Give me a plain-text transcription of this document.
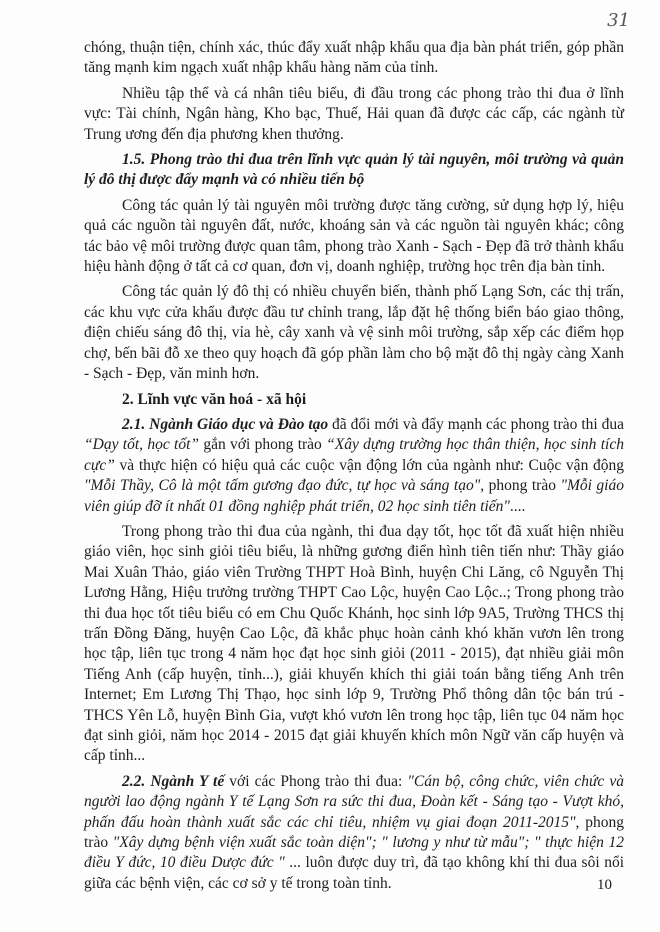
31

chóng, thuận tiện, chính xác, thúc đẩy xuất nhập khẩu qua địa bàn phát triển, góp phần tăng mạnh kim ngạch xuất nhập khẩu hàng năm của tỉnh.

Nhiều tập thể và cá nhân tiêu biểu, đi đầu trong các phong trào thi đua ở lĩnh vực: Tài chính, Ngân hàng, Kho bạc, Thuế, Hải quan đã được các cấp, các ngành từ Trung ương đến địa phương khen thưởng.

1.5. Phong trào thi đua trên lĩnh vực quản lý tài nguyên, môi trường và quản lý đô thị được đẩy mạnh và có nhiều tiến bộ

Công tác quản lý tài nguyên môi trường được tăng cường, sử dụng hợp lý, hiệu quả các nguồn tài nguyên đất, nước, khoáng sản và các nguồn tài nguyên khác; công tác bảo vệ môi trường được quan tâm, phong trào Xanh - Sạch - Đẹp đã trở thành khẩu hiệu hành động ở tất cả cơ quan, đơn vị, doanh nghiệp, trường học trên địa bàn tỉnh.

Công tác quản lý đô thị có nhiều chuyển biến, thành phố Lạng Sơn, các thị trấn, các khu vực cửa khẩu được đầu tư chỉnh trang, lắp đặt hệ thống biển báo giao thông, điện chiếu sáng đô thị, vỉa hè, cây xanh và vệ sinh môi trường, sắp xếp các điểm họp chợ, bến bãi đỗ xe theo quy hoạch đã góp phần làm cho bộ mặt đô thị ngày càng Xanh - Sạch - Đẹp, văn minh hơn.

2. Lĩnh vực văn hoá - xã hội

2.1. Ngành Giáo dục và Đào tạo đã đổi mới và đẩy mạnh các phong trào thi đua “Dạy tốt, học tốt” gắn với phong trào “Xây dựng trường học thân thiện, học sinh tích cực” và thực hiện có hiệu quả các cuộc vận động lớn của ngành như: Cuộc vận động "Mỗi Thầy, Cô là một tấm gương đạo đức, tự học và sáng tạo", phong trào "Mỗi giáo viên giúp đỡ ít nhất 01 đồng nghiệp phát triển, 02 học sinh tiên tiến"....

Trong phong trào thi đua của ngành, thi đua dạy tốt, học tốt đã xuất hiện nhiều giáo viên, học sinh giỏi tiêu biểu, là những gương điển hình tiên tiến như: Thầy giáo Mai Xuân Thảo, giáo viên Trường THPT Hoà Bình, huyện Chi Lăng, cô Nguyễn Thị Lương Hằng, Hiệu trưởng trường THPT Cao Lộc, huyện Cao Lộc..; Trong phong trào thi đua học tốt tiêu biểu có em Chu Quốc Khánh, học sinh lớp 9A5, Trường THCS thị trấn Đồng Đăng, huyện Cao Lộc, đã khắc phục hoàn cảnh khó khăn vươn lên trong học tập, liên tục trong 4 năm học đạt học sinh giỏi (2011 - 2015), đạt nhiều giải môn Tiếng Anh (cấp huyện, tỉnh...), giải khuyến khích thi giải toán bằng tiếng Anh trên Internet; Em Lương Thị Thạo, học sinh lớp 9, Trường Phổ thông dân tộc bán trú - THCS Yên Lỗ, huyện Bình Gia, vượt khó vươn lên trong học tập, liên tục 04 năm học đạt sinh giỏi, năm học 2014 - 2015 đạt giải khuyến khích môn Ngữ văn cấp huyện và cấp tỉnh...

2.2. Ngành Y tế với các Phong trào thi đua: "Cán bộ, công chức, viên chức và người lao động ngành Y tế Lạng Sơn ra sức thi đua, Đoàn kết - Sáng tạo - Vượt khó, phấn đấu hoàn thành xuất sắc các chỉ tiêu, nhiệm vụ giai đoạn 2011-2015", phong trào "Xây dựng bệnh viện xuất sắc toàn diện"; " lương y như từ mẫu"; " thực hiện 12 điều Y đức, 10 điều Dược đức " ... luôn được duy trì, đã tạo không khí thi đua sôi nổi giữa các bệnh viện, các cơ sở y tế trong toàn tỉnh.	10
